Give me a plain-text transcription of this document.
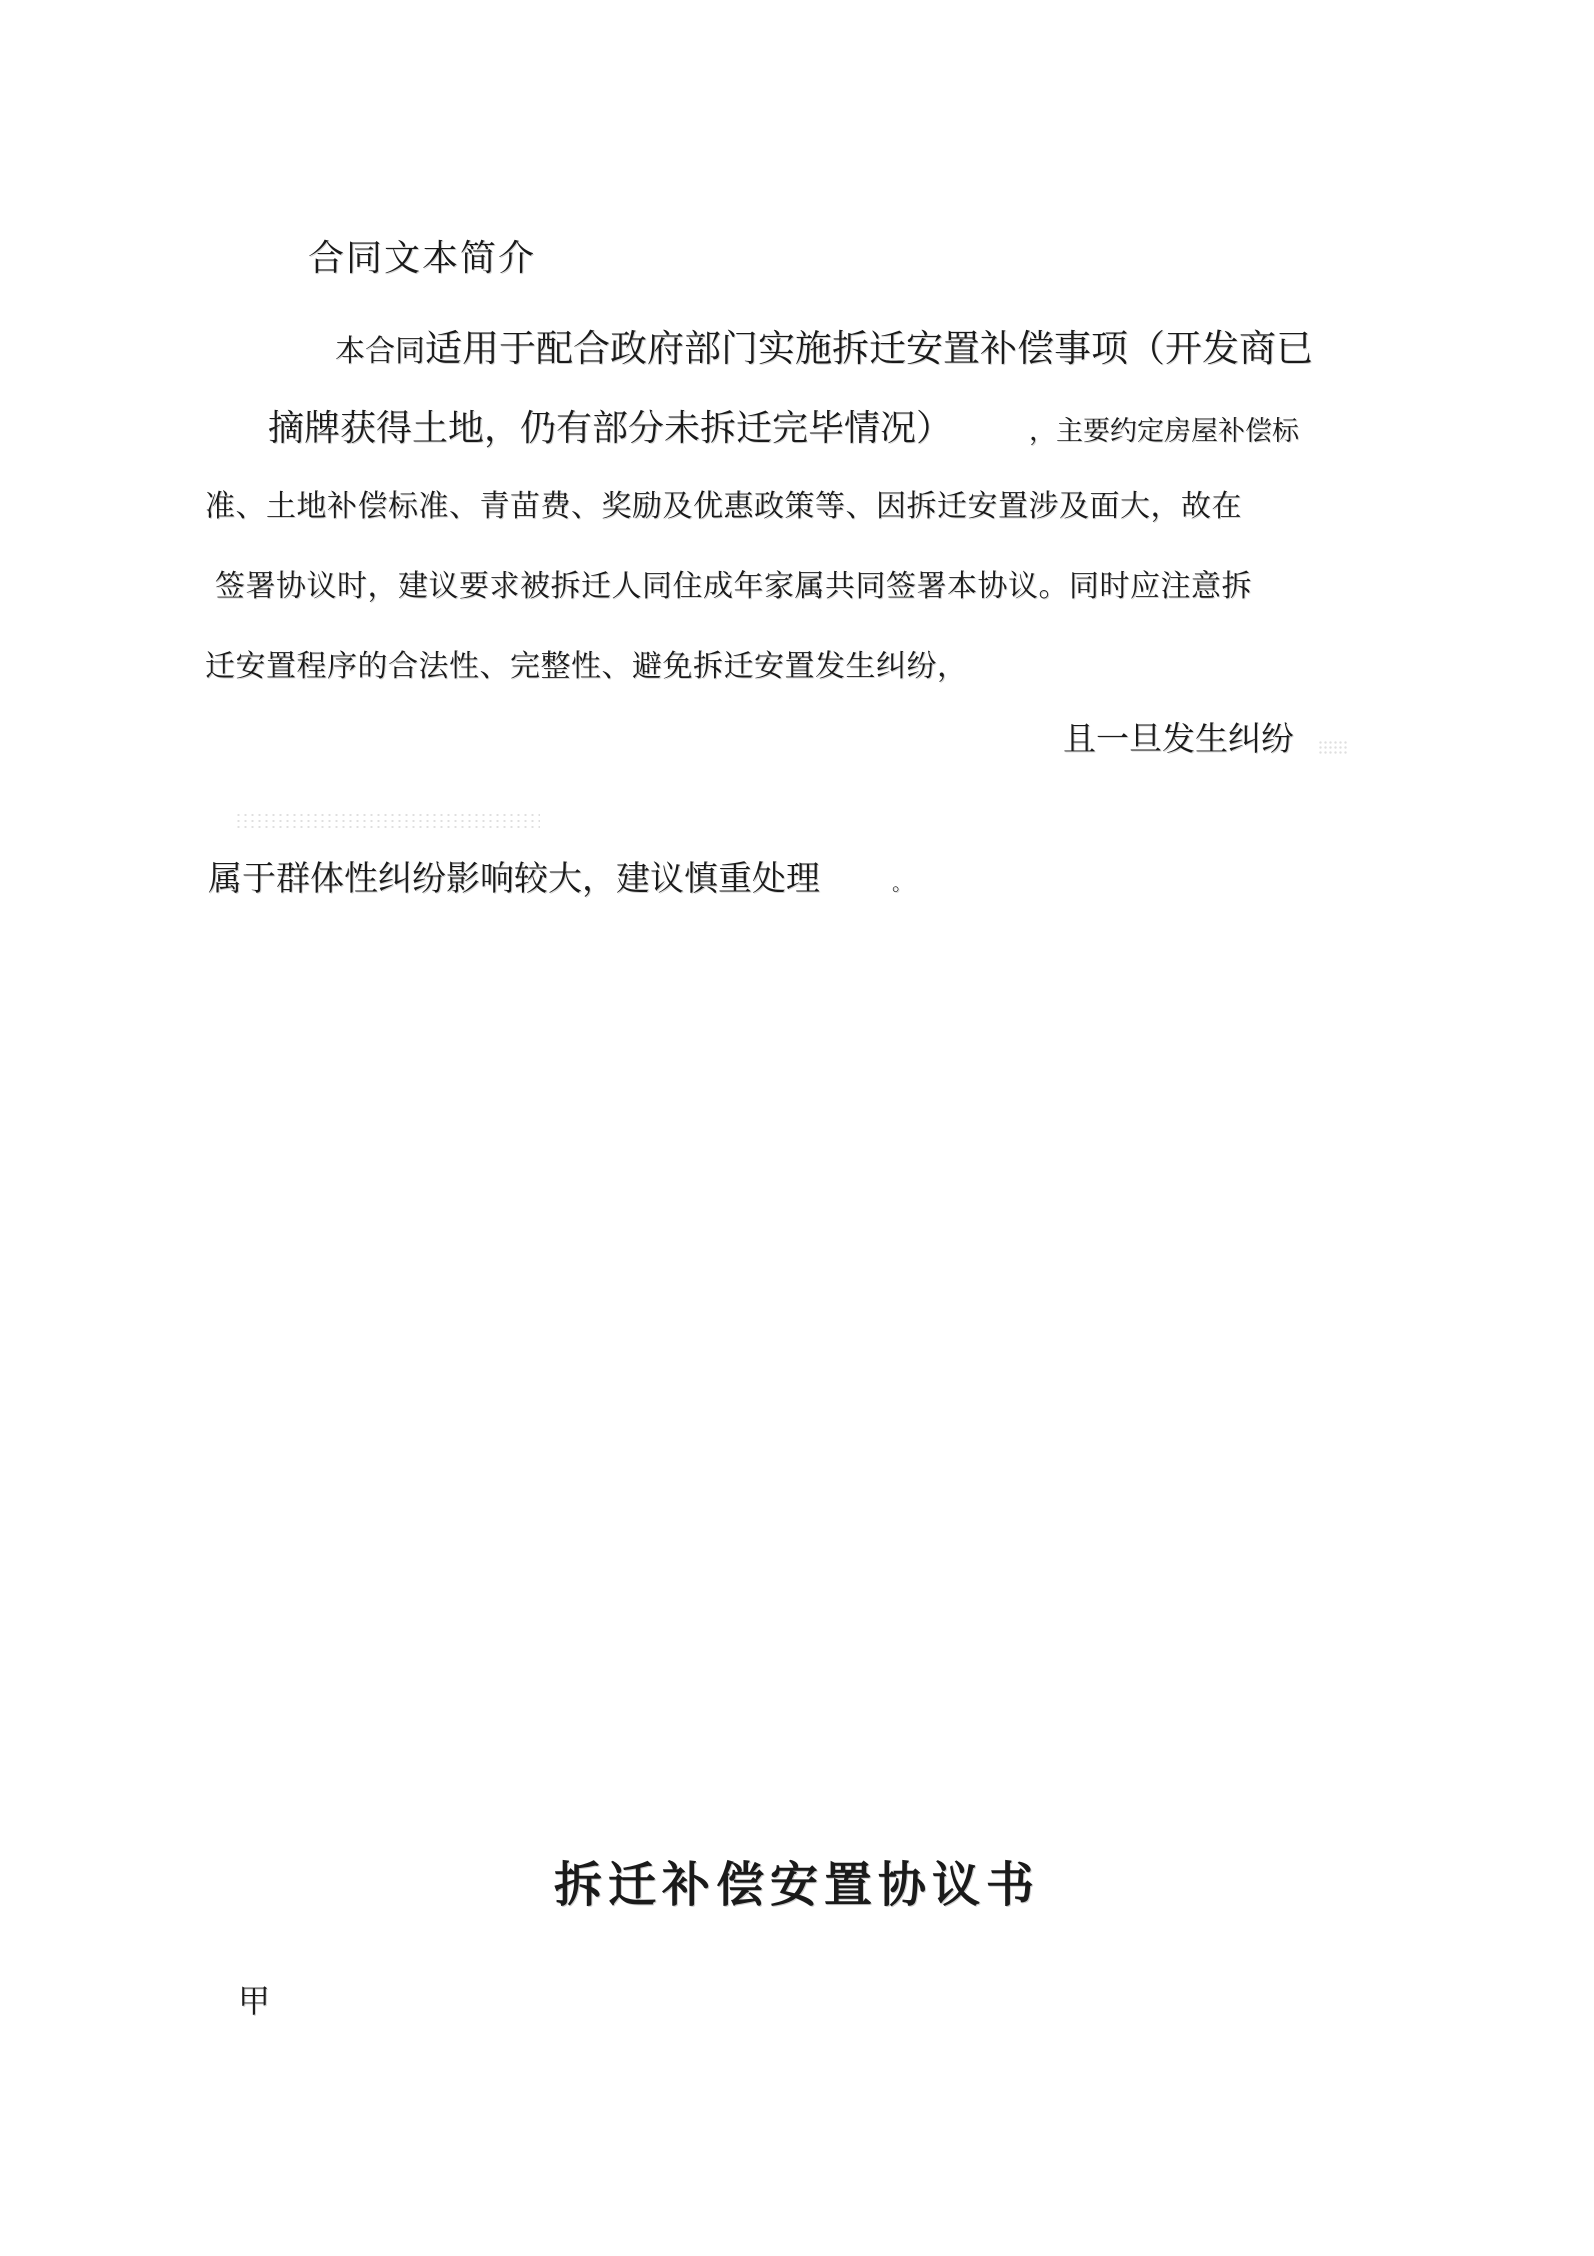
合同文本简介
本合同适用于配合政府部门实施拆迁安置补偿事项（开发商已
摘牌获得土地，仍有部分未拆迁完毕情况）	，主要约定房屋补偿标
准、土地补偿标准、青苗费、奖励及优惠政策等、因拆迁安置涉及面大，故在
签署协议时，建议要求被拆迁人同住成年家属共同签署本协议。同时应注意拆
迁安置程序的合法性、完整性、避免拆迁安置发生纠纷，
且一旦发生纠纷
属于群体性纠纷影响较大，建议慎重处理	。
拆迁补偿安置协议书
甲
